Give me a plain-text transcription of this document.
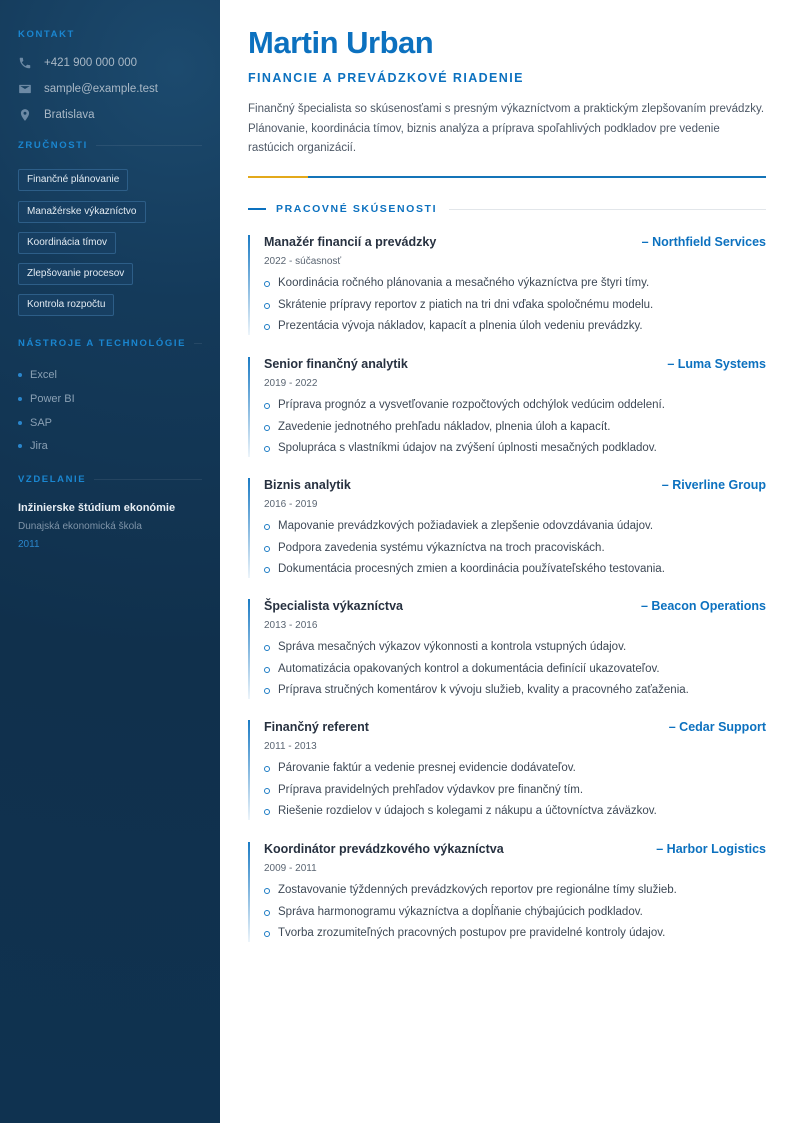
KONTAKT
+421 900 000 000
sample@example.test
Bratislava
ZRUČNOSTI
Finančné plánovanie
Manažérske výkazníctvo
Koordinácia tímov
Zlepšovanie procesov
Kontrola rozpočtu
NÁSTROJE A TECHNOLÓGIE
Excel
Power BI
SAP
Jira
VZDELANIE
Inžinierske štúdium ekonómie
Dunajská ekonomická škola
2011
Martin Urban
FINANCIE A PREVÁDZKOVÉ RIADENIE
Finančný špecialista so skúsenosťami s presným výkazníctvom a praktickým zlepšovaním prevádzky. Plánovanie, koordinácia tímov, biznis analýza a príprava spoľahlivých podkladov pre vedenie rastúcich organizácií.
PRACOVNÉ SKÚSENOSTI
Manažér financií a prevádzky	– Northfield Services
2022 - súčasnosť
Koordinácia ročného plánovania a mesačného výkazníctva pre štyri tímy.
Skrátenie prípravy reportov z piatich na tri dni vďaka spoločnému modelu.
Prezentácia vývoja nákladov, kapacít a plnenia úloh vedeniu prevádzky.
Senior finančný analytik	– Luma Systems
2019 - 2022
Príprava prognóz a vysvetľovanie rozpočtových odchýlok vedúcim oddelení.
Zavedenie jednotného prehľadu nákladov, plnenia úloh a kapacít.
Spolupráca s vlastníkmi údajov na zvýšení úplnosti mesačných podkladov.
Biznis analytik	– Riverline Group
2016 - 2019
Mapovanie prevádzkových požiadaviek a zlepšenie odovzdávania údajov.
Podpora zavedenia systému výkazníctva na troch pracoviskách.
Dokumentácia procesných zmien a koordinácia používateľského testovania.
Špecialista výkazníctva	– Beacon Operations
2013 - 2016
Správa mesačných výkazov výkonnosti a kontrola vstupných údajov.
Automatizácia opakovaných kontrol a dokumentácia definícií ukazovateľov.
Príprava stručných komentárov k vývoju služieb, kvality a pracovného zaťaženia.
Finančný referent	– Cedar Support
2011 - 2013
Párovanie faktúr a vedenie presnej evidencie dodávateľov.
Príprava pravidelných prehľadov výdavkov pre finančný tím.
Riešenie rozdielov v údajoch s kolegami z nákupu a účtovníctva záväzkov.
Koordinátor prevádzkového výkazníctva	– Harbor Logistics
2009 - 2011
Zostavovanie týždenných prevádzkových reportov pre regionálne tímy služieb.
Správa harmonogramu výkazníctva a dopĺňanie chýbajúcich podkladov.
Tvorba zrozumiteľných pracovných postupov pre pravidelné kontroly údajov.
